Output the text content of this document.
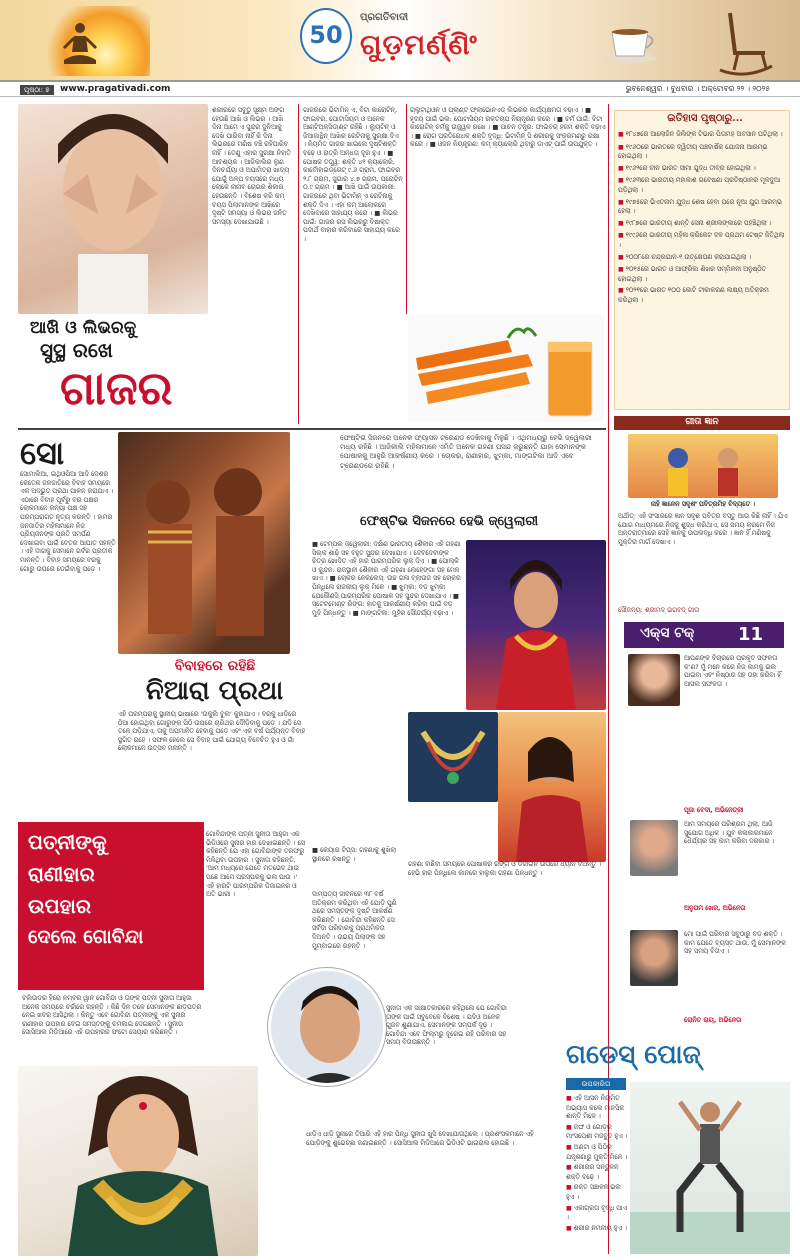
50
ପ୍ରଗତିବାଦୀ
ଗୁଡ଼ମର୍ଣ୍ଣିଂ
ପୃଷ୍ଠା: ୭	www.pragativadi.com	ଭୁବନେଶ୍ୱର । ବୁଧବାର । ଅକ୍ଟୋବର ୨୨ । ୨୦୨୫
ଶରୀରରେ ସବୁଠୁ ସୂକ୍ଷ୍ମ ଅଙ୍ଗ ହେଉଛି ଆଖି ଓ ଲିଭର । ଆଖି ଦିନା ଆମେ ଏ ସୁନ୍ଦର ଦୁନିଆକୁ ଦେଖି ପାରିବା ନାହିଁ କି ଦିନା ଲିଭରରେ ମଣିଷ ବଞ୍ଚି ରହିପାରିବ ନାହିଁ । ତେଣୁ ଏହାର ସୁରକ୍ଷା ନିହାତି ଆବଶ୍ୟକ । ଆଜିକାଲିର ଲୁଣ ଦିନଚର୍ଯ୍ୟା ଓ ଅପାମିତ୍ରା ଖାଦ୍ୟ ଯୋଗୁଁ ଅଳ୍ପ ବୟସରେ ମଧ୍ୟ ଲୋକେ ନାନାବ ରୋଗର ଶିକାର ହେଉଛନ୍ତି । ବିଶେଷ କରି କମ୍ ବୟସ ପିଲାମାନଙ୍କ ଆଖିରେ ଦୃଷ୍ଟି ସମସ୍ୟା ଓ ଲିଭର ଜନିତ ସମସ୍ୟା ଦେଖାଯାଉଛି ।
ଆଖି ଓ ଲିଭରକୁ
ସୁସ୍ଥ ରଖେ
ଗାଜର
ଗାଜରରେ ଭିଟାମିନ୍ ଏ, ବିଟା କାରୋଟିନ୍, ଫାଇବର, ପୋଟାସିୟମ ଓ ଅନେକ ଆଣ୍ଟିଅକ୍ସିଡାଣ୍ଟ ରହିଛି । ଲ୍ୟୁଟିନ୍ ଓ ଜିଆଜାନ୍ଥିନ୍ ଆଖିର ରେଟିନାକୁ ସୁରକ୍ଷା ଦିଏ । ନିୟମିତ ଗାଜର ଖାଇଲେ ଦୃଷ୍ଟିଶକ୍ତି ବଢ଼େ ଓ ରାତ୍ରି ଅନ୍ଧତା ଦୂର ହୁଏ । ■ ପୋଷକ ତତ୍ତ୍ୱ: ଶକ୍ତି ୪୧ କ୍ୟାଲୋରି, କାର୍ବୋହାଇଡ୍ରେଟ୍ ୯.୬ ଗ୍ରାମ, ଫାଇବର ୨.୮ ଗ୍ରାମ, ସୁଗାର ୪.୭ ଗ୍ରାମ, ପ୍ରୋଟିନ୍ ୦.୯ ଗ୍ରାମ । ■ ଆଖି ପାଇଁ ଉପକାରୀ: ଗାଜରରେ ଥିବା ଭିଟାମିନ୍ ଏ ରେଟିନାକୁ ଶକ୍ତି ଦିଏ । ଏହା କମ୍ ଆଲୋକରେ ଦେଖିବାରେ ସାହାଯ୍ୟ କରେ । ■ ଲିଭର ପାଇଁ: ଗାଜର ରସ ଲିଭରରୁ ବିଷାକ୍ତ ପଦାର୍ଥ ବାହାର କରିବାରେ ସାହାଯ୍ୟ କରେ ।
ଗ୍ଲୁଟାଥିଓନ ଓ ପ୍ଲାଣ୍ଟ ଫ୍ଲାଭୋନଏଡ୍ ଲିଭରର କାର୍ଯ୍ୟକ୍ଷମତା ବଢ଼ାଏ । ■ ହୃଦୟ ପାଇଁ ଭଲ: ପୋଟାସିୟମ ରକ୍ତଚାପ ନିୟନ୍ତ୍ରଣ କରେ । ■ ଚର୍ମ ପାଇଁ: ବିଟା କାରୋଟିନ୍ ଚର୍ମକୁ ଉଜ୍ଜ୍ୱଳ ରଖେ । ■ ପାଚନ ତନ୍ତ୍ର: ଫାଇବର ହଜମ ଶକ୍ତି ବଢ଼ାଏ । ■ ରୋଗ ପ୍ରତିରୋଧକ ଶକ୍ତି ବୃଦ୍ଧି: ଭିଟାମିନ୍ ସି ଶରୀରକୁ ସଂକ୍ରମଣରୁ ରକ୍ଷା କରେ । ■ ଓଜନ ନିୟନ୍ତ୍ରଣ: କମ୍ କ୍ୟାଲୋରି ଥିବାରୁ ଡାଏଟ୍ ପାଇଁ ଉପଯୁକ୍ତ ।
ଇତିହାସ ପୃଷ୍ଠାରୁ...
■ ୧୮୪୭ରେ ଆଲୋଜିନ ଜିଲିଙ୍କ ଟିଭାର ପିତାମହ ଅବସାନ ଘଟିଥିଲା ।
■ ୧୯୬୦ରେ ଭାରତରେ ଦ୍ୱିତୀୟ ପଞ୍ଚବାର୍ଷିକ ଯୋଜନା ଆରମ୍ଭ ହୋଇଥିଲା ।
■ ୧୯୬୨ରେ ଚୀନ ଭାରତ ସୀମା ଯୁଦ୍ଧ ତୀବ୍ର ହୋଇଥିଲା ।
■ ୧୯୬୩ରେ ଭାରତୀୟ ମହାକାଶ ଗବେଷଣା ପ୍ରତିଷ୍ଠାନର ମୂଳଦୁଆ ପଡ଼ିଥିଲା ।
■ ୧୯୭୫ରେ ଭିଏତନାମ ଯୁଦ୍ଧ ଶେଷ ହେବା ପରେ ନୂଆ ଯୁଗ ଆରମ୍ଭ ହେଲା ।
■ ୧୯୮୭ରେ ଭାରତୀୟ ଶାନ୍ତି ସେନା ଶ୍ରୀଲଙ୍କାରେ ପହଞ୍ଚିଥିଲା ।
■ ୧୯୯୬ରେ ଭାରତୀୟ ମହିଳା କ୍ରିକେଟ ଦଳ ପ୍ରଥମ ଟେଷ୍ଟ ଜିତିଥିଲା ।
■ ୨୦୦୮ରେ ଚନ୍ଦ୍ରଯାନ-୧ ଉତ୍କ୍ଷେପଣ କରାଯାଇଥିଲା ।
■ ୨୦୧୫ରେ ଭାରତ ଓ ଆଫ୍ରିକା ଶିଖର ସମ୍ମିଳନୀ ଅନୁଷ୍ଠିତ ହୋଇଥିଲା ।
■ ୨୦୨୧ରେ ଭାରତ ୧୦୦ କୋଟି ଟୀକାକରଣ ଲକ୍ଷ୍ୟ ଅତିକ୍ରମ କରିଥିଲା ।
ଗୀତା ଜ୍ଞାନ
ନାହି ଜ୍ଞାନେନ ସଦୃଶଂ ପବିତ୍ରମିହ ବିଦ୍ୟତେ ।
ଅର୍ଥାତ୍: ଏହି ସଂସାରରେ ଜ୍ଞାନ ସଦୃଶ ପବିତ୍ର ବସ୍ତୁ ଆଉ କିଛି ନାହିଁ । ଯିଏ ଯୋଗ ମାଧ୍ୟମରେ ନିଜକୁ ଶୁଦ୍ଧ କରିଥାଏ, ସେ ସମୟ କ୍ରମେ ନିଜ ଅନ୍ତରାତ୍ମାରେ ସେହି ଜ୍ଞାନକୁ ଉପଲବ୍ଧି କରେ । ଜ୍ଞାନ ହିଁ ମଣିଷକୁ ମୁକ୍ତିର ମାର୍ଗ ଦେଖାଏ ।
ସୌଜନ୍ୟ: ଶ୍ରୀମଦ୍ ଭଗବଦ୍ ଗୀତା
ଏକ୍ସ ଟକ୍ 11
ଆପଣଙ୍କ ବିଚାରରେ ପ୍ରକୃତ ସଫଳତା କ'ଣ? ମୁଁ ମନେ କରେ ନିଜ କାମକୁ ଭଲ ପାଇବା ଏବଂ ନିଷ୍ଠାର ସହ ତାହା କରିବା ହିଁ ଆସଲ ସଫଳତା ।
ପୂଜା ବେଦୀ, ଅଭିନେତ୍ରୀ
ଆମ ସମୟରେ ପରିଶ୍ରମ ଥିଲା, ଆଜି ସୁଯୋଗ ଅଧିକ । ଯୁବ କଳାକାରମାନେ ଧୈର୍ଯ୍ୟର ସହ କାମ କରିବା ଦରକାର ।
ଅନୁପମ ଖେର, ଅଭିନେତା
ମୋ ପାଇଁ ପରିବାର ସବୁଠାରୁ ବଡ଼ ଶକ୍ତି । କାମ ଯେତେ ବ୍ୟସ୍ତ ଥାଉ, ମୁଁ ସେମାନଙ୍କ ସହ ସମୟ ବିତାଏ ।
ରୋନିତ ରାୟ, ଅଭିନେତା
ସୋ
ସୋମାଲିଆ, ଇଥିଓପିଆ ଆଦି ଦେଶର କେତେକ ଜନଜାତିରେ ବିବାହ ସମୟରେ ଏକ ଅଦ୍ଭୁତ ପ୍ରଥା ପାଳନ କରାଯାଏ । ଏଠାରେ ବିବାହ ପୂର୍ବରୁ ବର ପକ୍ଷର ଲୋକମାନେ କନ୍ୟା ପକ୍ଷ ସହ ପରମ୍ପରାଗତ ନୃତ୍ୟ କରନ୍ତି । ହାମର ଜନଜାତିର ମହିଳାମାନେ ନିଜ ପ୍ରିୟଜନଙ୍କ ପ୍ରତି ସମର୍ପଣ ଦେଖାଇବା ପାଇଁ ବେତର ଆଘାତ ସହନ୍ତି । ଏହି ଦାଗକୁ ସେମାନେ ଗର୍ବର ପ୍ରତୀକ ମାନନ୍ତି । ବିବାହ ସମୟରେ ବରକୁ ଗୋରୁ ଉପରେ ଡେଇଁବାକୁ ପଡ଼େ ।
ବିବାହରେ ରହିଛି
ନିଆରା ପ୍ରଥା
ଏହି ପରମ୍ପରାକୁ ସ୍ଥାନୀୟ ଭାଷାରେ 'ଉକୁଲି ବୁଲ' କୁହାଯାଏ । ବରକୁ ଧାଡ଼ିରେ ଠିଆ ହୋଇଥିବା ଗୋରୁଙ୍କ ପିଠି ଉପରେ ଚାରିଥର ଦୌଡ଼ିବାକୁ ପଡ଼େ । ଯଦି ସେ ତଳେ ପଡ଼ିଯାଏ, ତାକୁ ଅପମାନିତ ହେବାକୁ ପଡ଼େ ଏବଂ ଏକ ବର୍ଷ ପର୍ଯ୍ୟନ୍ତ ବିବାହ ସ୍ଥଗିତ ରହେ । ସଫଳ ହେଲେ ସେ ବିବାହ ପାଇଁ ଯୋଗ୍ୟ ବିବେଚିତ ହୁଏ ଓ ଗାଁ ଲୋକମାନେ ଉତ୍ସବ ମନାନ୍ତି ।
ଫେଷ୍ଟିଭ ସିଜନରେ ଅନେକ ଫ୍ୟାସନ ଟ୍ରେଣ୍ଡ ଦେଖିବାକୁ ମିଳୁଛି । ଏଥିମଧ୍ୟରୁ ହେଭି ଜ୍ୱେଲାରୀ ମଧ୍ୟ ରହିଛି । ଆଜିକାଲି ମହିଳାମାନେ ଏମିତି ଅନେକ ଗହଣା ପସନ୍ଦ କରୁଛନ୍ତି ଯାହା ସେମାନଙ୍କ ପୋଷାକକୁ ଆହୁରି ଆକର୍ଷଣୀୟ କରେ । ଚୋକର, ରାଣୀହାର, ଝୁମ୍କା, ମାଙ୍ଗଟିକା ଆଦି ଏବେ ଟ୍ରେଣ୍ଡରେ ରହିଛି ।
ଫେଷ୍ଟିଭ ସିଜନରେ ହେଭି ଜ୍ୱେଲାରୀ
■ ଟେମ୍ପଲ ଜ୍ୱେଲାରୀ: ଦକ୍ଷିଣ ଭାରତୀୟ ଶୈଳୀର ଏହି ଗହଣା ସିଲ୍କ ଶାଢ଼ି ସହ ବହୁତ ସୁନ୍ଦର ଦେଖାଯାଏ । ଦେବଦେବୀଙ୍କ ଚିତ୍ର ଖୋଦିତ ଏହି ହାର ପାରମ୍ପରିକ ଲୁକ୍ ଦିଏ । ■ ପୋଲ୍କି ଓ କୁନ୍ଦନ: ରାଜସ୍ଥାନୀ ଶୈଳୀର ଏହି ଗହଣା ଲେହେଙ୍ଗା ସହ ମେଳ ଖାଏ । ■ ଚୋକର ନେକଲେସ୍: ଉଚ୍ଚ ଗଳା ବ୍ଲାଉଜ ସହ ଚୋକର ପିନ୍ଧିଲେ ରାଜକୀୟ ଲୁକ୍ ମିଳେ । ■ ଝୁମ୍କା: ବଡ଼ ଝୁମ୍କା ଯେକୌଣସି ପାରମ୍ପରିକ ପୋଷାକ ସହ ସୁନ୍ଦର ଦେଖାଯାଏ । ■ ସ୍ଟେଟମେଣ୍ଟ ରିଙ୍ଗ: ହାତକୁ ଆକର୍ଷଣୀୟ କରିବା ପାଇଁ ବଡ଼ ମୁଦି ପିନ୍ଧନ୍ତୁ । ■ ମାଙ୍ଗଟିକା: ମୁହଁର ସୌନ୍ଦର୍ଯ୍ୟ ବଢ଼ାଏ ।
ଗହଣା ବାଛିବା ସମୟରେ ପୋଷାକର ରଙ୍ଗ ଓ ଡିଜାଇନ ଉପରେ ଧ୍ୟାନ ଦିଅନ୍ତୁ । ହେଭି ହାର ପିନ୍ଧିଲେ କାନରେ ହାଲୁକା ଗହଣା ପିନ୍ଧନ୍ତୁ ।
■ କେୟାର ଟିପ୍ସ: ଗହଣାକୁ ଶୁଖିଲା ସ୍ଥାନରେ ରଖନ୍ତୁ ।
ପତ୍ନୀଙ୍କୁ
ରାଣୀହାର
ଉପହାର
ଦେଲେ ଗୋବିନ୍ଦା
ଗୋବିନ୍ଦାଙ୍କ ପତ୍ନୀ ସୁନୀତା ଆହୁଜା ଏକ ଭିଡିଓରେ ସୁନାର ହାର ଦେଖାଇଛନ୍ତି । ସେ କହିଛନ୍ତି ଯେ ଏହା ଗୋବିନ୍ଦାଙ୍କ ତରଫରୁ ମିଳିଥିବା ଉପହାର । ସୁନୀତା କହିଛନ୍ତି, 'ଆମ ମଧ୍ୟରେ ଯେତେ ମତଭେଦ ଥାଉ ପଛେ ଆମେ ପରସ୍ପରକୁ ଭଲ ପାଉ ।' ଏହି ହାରଟି ପାରମ୍ପରିକ ଡିଜାଇନର ଓ ଅତି ଭାରୀ ।
ବଲିଉଡର ହିରୋ ନମ୍ବର ୱାନ ଗୋବିନ୍ଦା ଓ ତାଙ୍କ ପତ୍ନୀ ସୁନୀତା ଆହୁଜା ଅନେକ ସମୟରେ ଚର୍ଚ୍ଚାରେ ରହନ୍ତି । କିଛି ଦିନ ତଳେ ସେମାନଙ୍କ ଛାଡ଼ପତ୍ର ନେଇ ଖବର ଆସିଥିଲା । କିନ୍ତୁ ଏବେ ଗୋବିନ୍ଦା ପତ୍ନୀଙ୍କୁ ଏକ ସୁନାର ରାଣୀହାର ଉପହାର ଦେଇ ସମସ୍ତଙ୍କୁ ଚମକାଇ ଦେଇଛନ୍ତି । ସୁନୀତା ସୋସିଆଲ ମିଡିଆରେ ଏହି ଉପହାରର ଫଟୋ ସେୟାର କରିଛନ୍ତି ।
ଦାମ୍ପତ୍ୟ ଜୀବନରେ ୩୮ ବର୍ଷ ଅତିକ୍ରମ କରିଥିବା ଏହି ଯୋଡ଼ି ପୁଣି ଥରେ ସମସ୍ତଙ୍କ ଦୃଷ୍ଟି ଆକର୍ଷଣ କରିଛନ୍ତି । ଗୋବିନ୍ଦା କହିଛନ୍ତି ସେ ସର୍ବଦା ପରିବାରକୁ ପ୍ରାଥମିକତା ଦିଅନ୍ତି । ଉଭୟ ପିଲାଙ୍କ ସହ ମୁମ୍ବାଇରେ ରହନ୍ତି ।
ସୁନୀତା ଏକ ସାକ୍ଷାତକାରରେ କହିଥିଲେ ଯେ ଗୋବିନ୍ଦା ତାଙ୍କ ପାଇଁ ସବୁବେଳେ ବିଶେଷ । ଯଦିଓ ଅନେକ ଗୁଜବ ଶୁଣାଯାଏ, ସେମାନଙ୍କ ସମ୍ପର୍କ ଦୃଢ଼ । ଗୋବିନ୍ଦା ଏବେ ଫିଲ୍ମରୁ ଦୂରେଇ ରହି ପରିବାର ସହ ସମୟ ବିତାଉଛନ୍ତି ।
ଧାଡ଼ିଏ ଧାଡ଼ି ସୁନାରେ ତିଆରି ଏହି ହାର ପିନ୍ଧି ସୁନୀତା ଖୁସି ଦେଖାଯାଉଥିଲେ । ପ୍ରଶଂସକମାନେ ଏହି ଯୋଡ଼ିଙ୍କୁ ଶୁଭେଚ୍ଛା ଜଣାଇଛନ୍ତି । ସୋସିଆଲ ମିଡିଆରେ ଭିଡିଓଟି ଭାଇରାଲ ହୋଇଛି ।
ଗଡେସ୍ ପୋଜ୍
ଉପକାରିତା
■ ଏହି ଆସନ ନିୟମିତ ଅଭ୍ୟାସ କଲେ ମାନସିକ ଶାନ୍ତି ମିଳେ ।
■ ଜଙ୍ଘ ଓ ଗୋଡ଼ର ମାଂସପେଶୀ ମଜବୁତ ହୁଏ ।
■ ଅଣ୍ଟା ଓ ପିଠିର ଯନ୍ତ୍ରଣାରୁ ମୁକ୍ତି ମିଳେ ।
■ ଶରୀରର ସନ୍ତୁଳନ ଶକ୍ତି ବଢ଼େ ।
■ ରକ୍ତ ସଞ୍ଚାଳନ ଭଲ ହୁଏ ।
■ ଏକାଗ୍ରତା ବୃଦ୍ଧି ପାଏ ।
■ ଶରୀର ନମନୀୟ ହୁଏ ।
